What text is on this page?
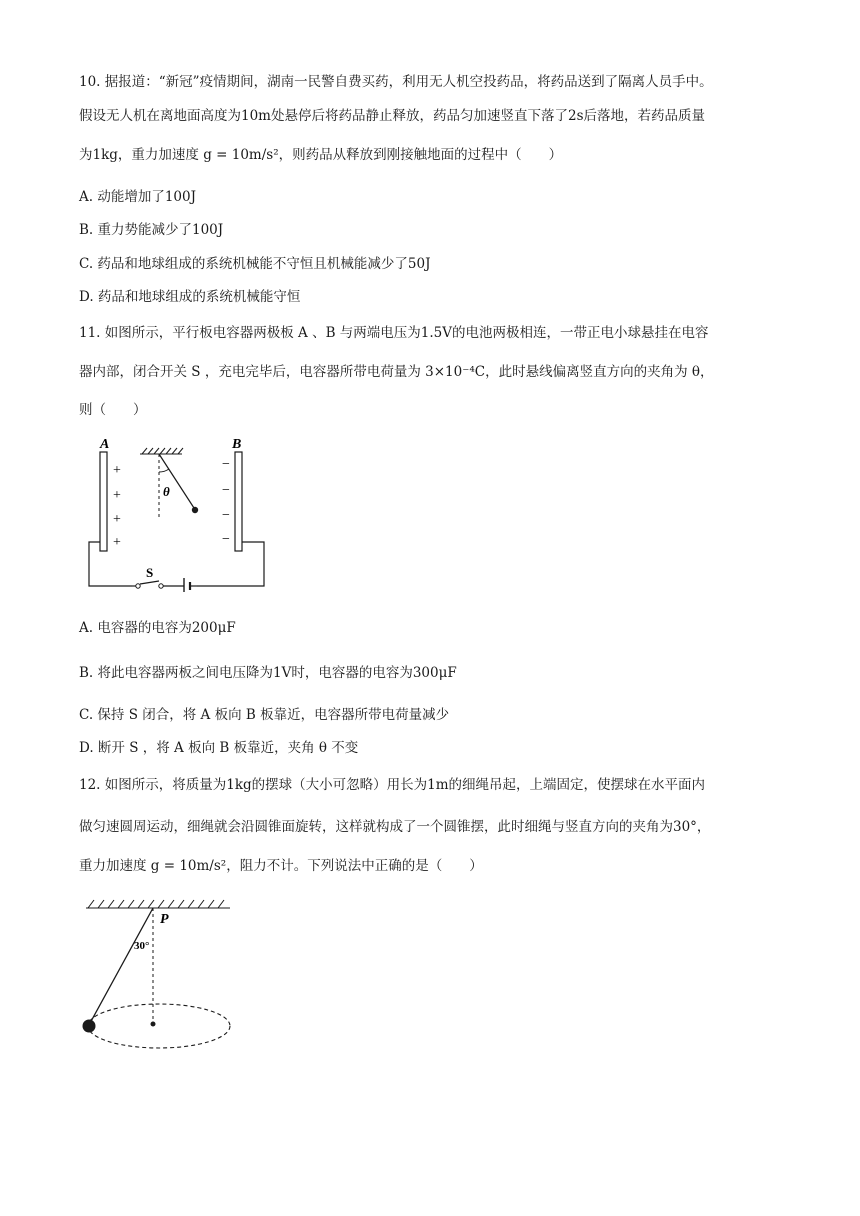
10. 据报道：“新冠”疫情期间，湖南一民警自费买药，利用无人机空投药品，将药品送到了隔离人员手中。
假设无人机在离地面高度为10m处悬停后将药品静止释放，药品匀加速竖直下落了2s后落地，若药品质量
为1kg，重力加速度 g = 10m/s²，则药品从释放到刚接触地面的过程中（　　）
A. 动能增加了100J
B. 重力势能减少了100J
C. 药品和地球组成的系统机械能不守恒且机械能减少了50J
D. 药品和地球组成的系统机械能守恒
11. 如图所示，平行板电容器两极板 A 、B 与两端电压为1.5V的电池两极相连，一带正电小球悬挂在电容
器内部，闭合开关 S ，充电完毕后，电容器所带电荷量为 3×10⁻⁴C，此时悬线偏离竖直方向的夹角为 θ，
则（　　）
A	B
+
+
+
+
−
−
−
−
θ
S
A. 电容器的电容为200μF
B. 将此电容器两板之间电压降为1V时，电容器的电容为300μF
C. 保持 S 闭合，将 A 板向 B 板靠近，电容器所带电荷量减少
D. 断开 S ，将 A 板向 B 板靠近，夹角 θ 不变
12. 如图所示，将质量为1kg的摆球（大小可忽略）用长为1m的细绳吊起，上端固定，使摆球在水平面内
做匀速圆周运动，细绳就会沿圆锥面旋转，这样就构成了一个圆锥摆，此时细绳与竖直方向的夹角为30°，
重力加速度 g = 10m/s²，阻力不计。下列说法中正确的是（　　）
P
30°
